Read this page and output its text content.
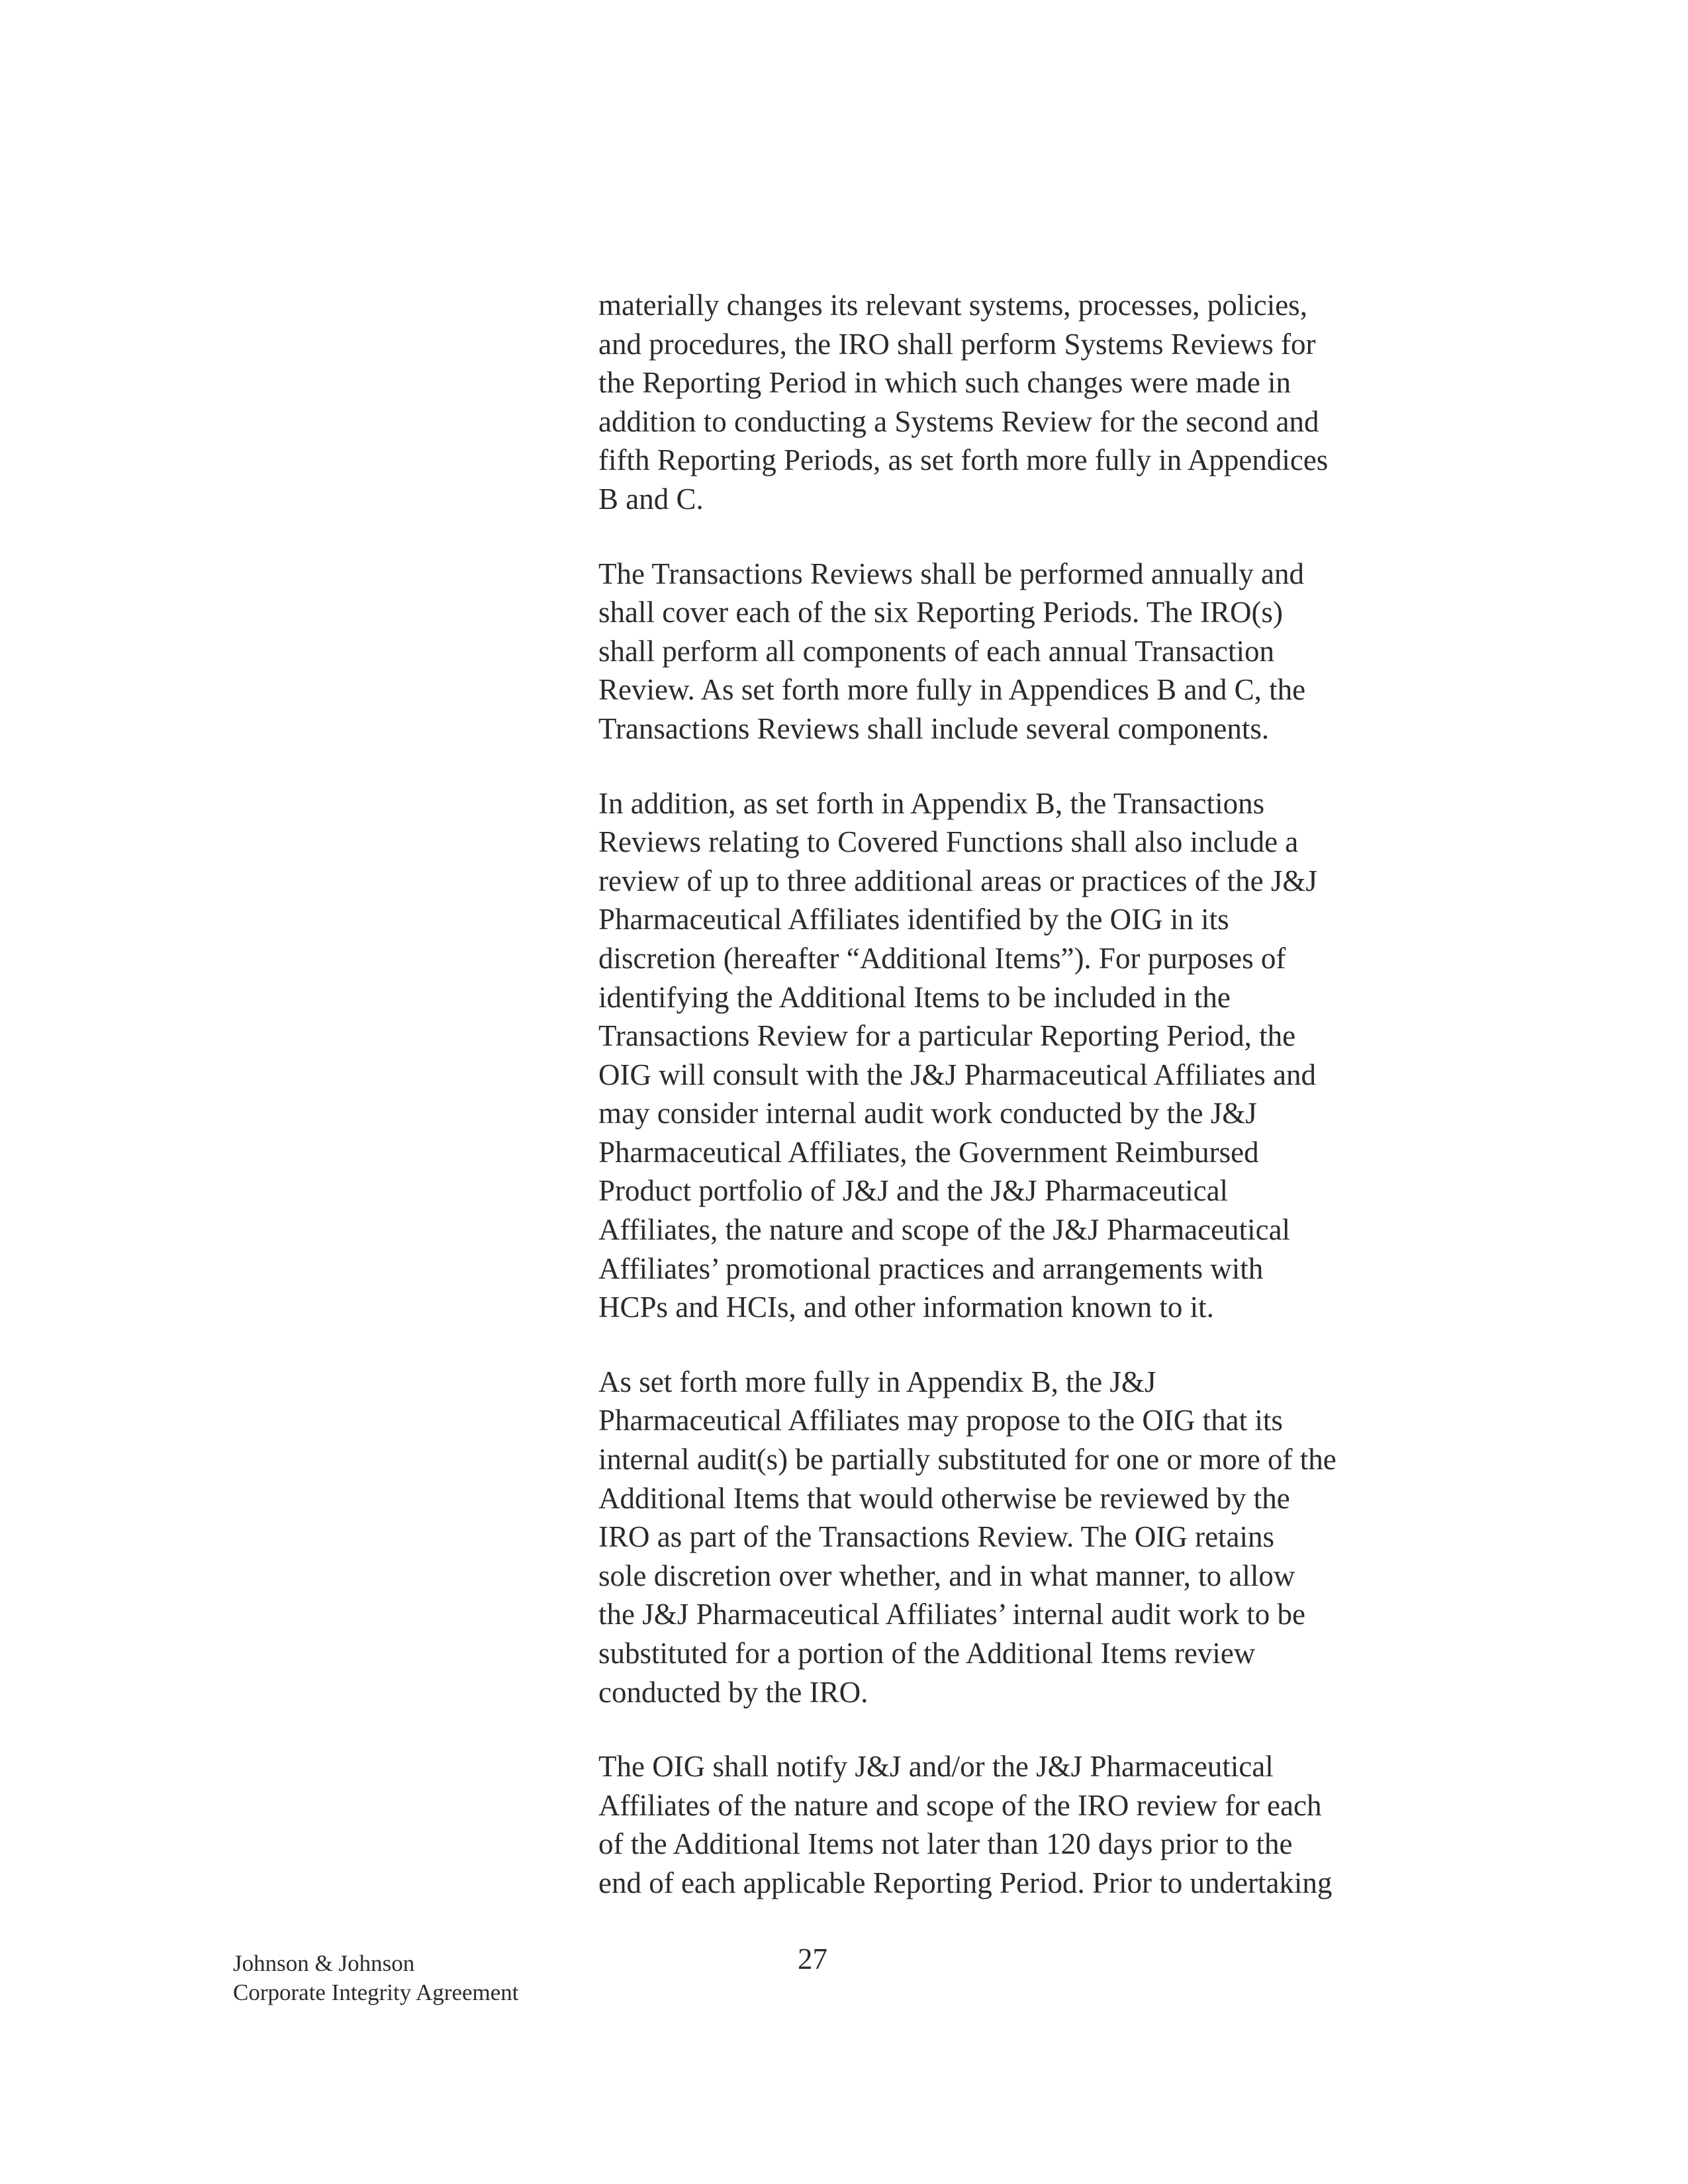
materially changes its relevant systems, processes, policies,
and procedures, the IRO shall perform Systems Reviews for
the Reporting Period in which such changes were made in
addition to conducting a Systems Review for the second and
fifth Reporting Periods, as set forth more fully in Appendices
B and C.

The Transactions Reviews shall be performed annually and
shall cover each of the six Reporting Periods. The IRO(s)
shall perform all components of each annual Transaction
Review. As set forth more fully in Appendices B and C, the
Transactions Reviews shall include several components.

In addition, as set forth in Appendix B, the Transactions
Reviews relating to Covered Functions shall also include a
review of up to three additional areas or practices of the J&J
Pharmaceutical Affiliates identified by the OIG in its
discretion (hereafter “Additional Items”). For purposes of
identifying the Additional Items to be included in the
Transactions Review for a particular Reporting Period, the
OIG will consult with the J&J Pharmaceutical Affiliates and
may consider internal audit work conducted by the J&J
Pharmaceutical Affiliates, the Government Reimbursed
Product portfolio of J&J and the J&J Pharmaceutical
Affiliates, the nature and scope of the J&J Pharmaceutical
Affiliates’ promotional practices and arrangements with
HCPs and HCIs, and other information known to it.

As set forth more fully in Appendix B, the J&J
Pharmaceutical Affiliates may propose to the OIG that its
internal audit(s) be partially substituted for one or more of the
Additional Items that would otherwise be reviewed by the
IRO as part of the Transactions Review. The OIG retains
sole discretion over whether, and in what manner, to allow
the J&J Pharmaceutical Affiliates’ internal audit work to be
substituted for a portion of the Additional Items review
conducted by the IRO.

The OIG shall notify J&J and/or the J&J Pharmaceutical
Affiliates of the nature and scope of the IRO review for each
of the Additional Items not later than 120 days prior to the
end of each applicable Reporting Period. Prior to undertaking

Johnson & Johnson
Corporate Integrity Agreement
27
